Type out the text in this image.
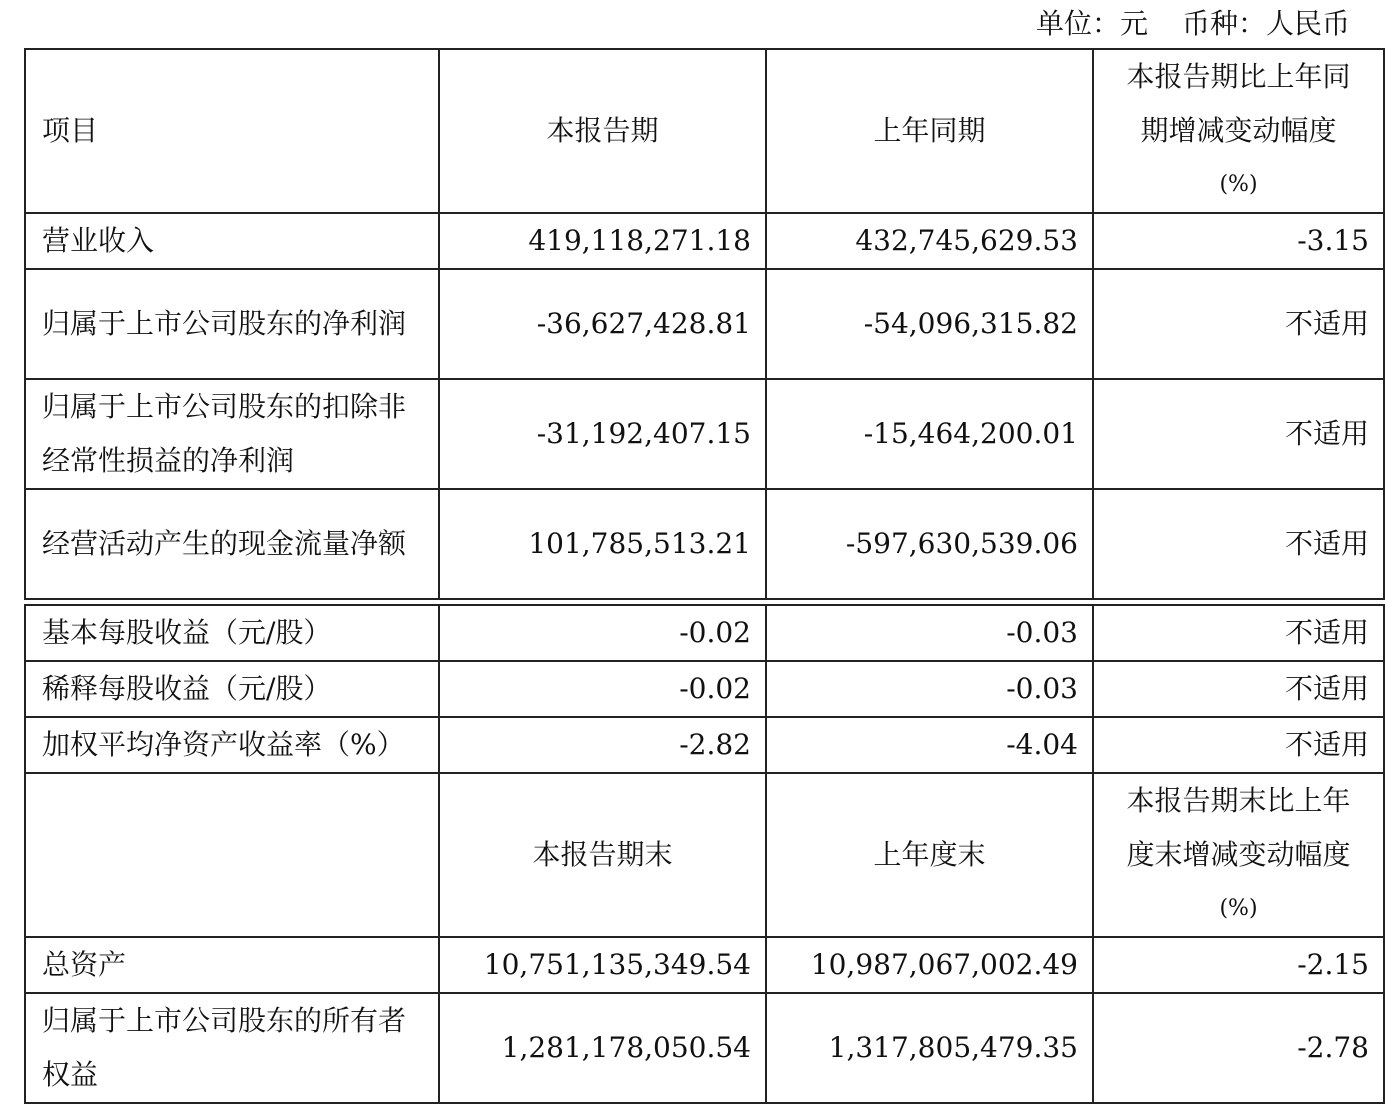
单位：元 币种：人民币
项目	本报告期	上年同期	本报告期比上年同
期增减变动幅度
(%)

营业收入	419,118,271.18	432,745,629.53	-3.15
归属于上市公司股东的净利润	-36,627,428.81	-54,096,315.82	不适用
归属于上市公司股东的扣除非经常性损益的净利润	-31,192,407.15	-15,464,200.01	不适用
经营活动产生的现金流量净额	101,785,513.21	-597,630,539.06	不适用
基本每股收益（元/股）	-0.02	-0.03	不适用
稀释每股收益（元/股）	-0.02	-0.03	不适用
加权平均净资产收益率（%）	-2.82	-4.04	不适用
	本报告期末	上年度末	本报告期末比上年
度末增减变动幅度
(%)

总资产	10,751,135,349.54	10,987,067,002.49	-2.15
归属于上市公司股东的所有者权益	1,281,178,050.54	1,317,805,479.35	-2.78
